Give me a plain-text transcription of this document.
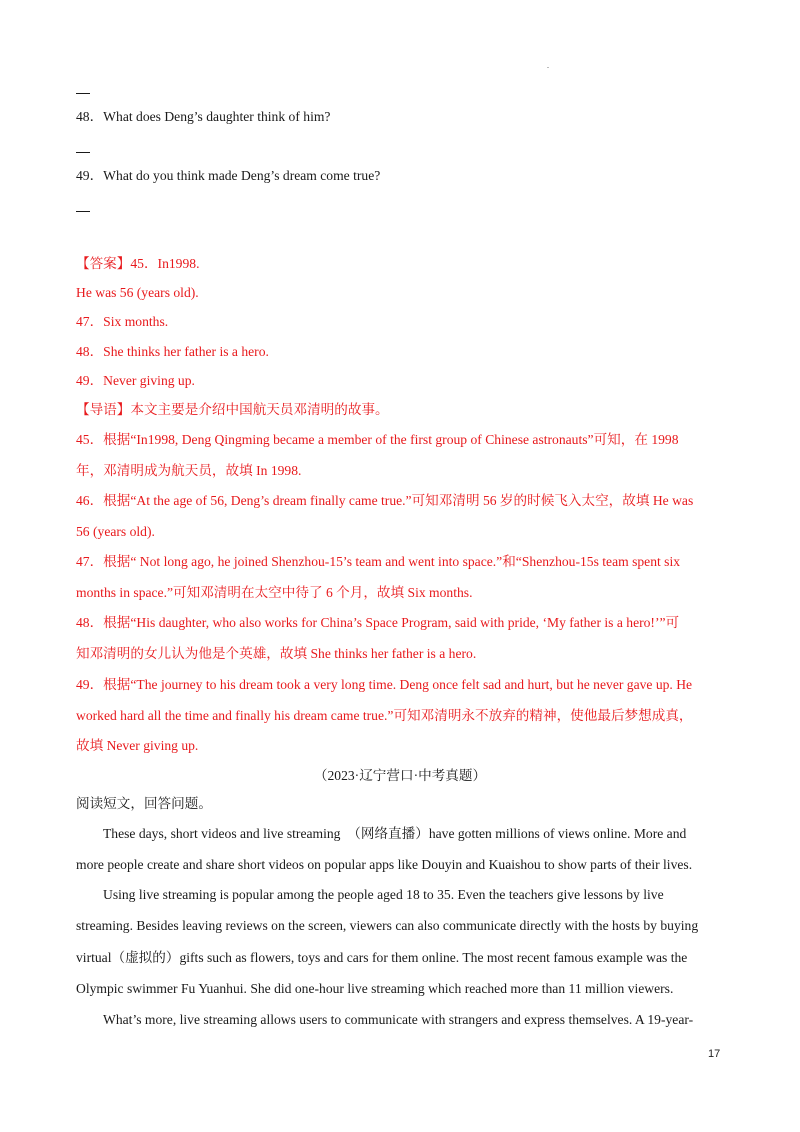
48．What does Deng’s daughter think of him?
49．What do you think made Deng’s dream come true?
【答案】45．In1998.
He was 56 (years old).
47．Six months.
48．She thinks her father is a hero.
49．Never giving up.
【导语】本文主要是介绍中国航天员邓清明的故事。
45．根据“In1998, Deng Qingming became a member of the first group of Chinese astronauts”可知，在 1998
年，邓清明成为航天员，故填 In 1998.
46．根据“At the age of 56, Deng’s dream finally came true.”可知邓清明 56 岁的时候飞入太空，故填 He was
56 (years old).
47．根据“ Not long ago, he joined Shenzhou-15’s team and went into space.”和“Shenzhou-15s team spent six
months in space.”可知邓清明在太空中待了 6 个月，故填 Six months.
48．根据“His daughter, who also works for China’s Space Program, said with pride, ‘My father is a hero!’”可
知邓清明的女儿认为他是个英雄，故填 She thinks her father is a hero.
49．根据“The journey to his dream took a very long time. Deng once felt sad and hurt, but he never gave up. He
worked hard all the time and finally his dream came true.”可知邓清明永不放弃的精神，使他最后梦想成真，
故填 Never giving up.
（2023·辽宁营口·中考真题）
阅读短文，回答问题。
These days, short videos and live streaming　（网络直播）have gotten millions of views online. More and
more people create and share short videos on popular apps like Douyin and Kuaishou to show parts of their lives.
Using live streaming is popular among the people aged 18 to 35. Even the teachers give lessons by live
streaming. Besides leaving reviews on the screen, viewers can also communicate directly with the hosts by buying
virtual（虚拟的）gifts such as flowers, toys and cars for them online. The most recent famous example was the
Olympic swimmer Fu Yuanhui. She did one-hour live streaming which reached more than 11 million viewers.
What’s more, live streaming allows users to communicate with strangers and express themselves. A 19-year-
17
